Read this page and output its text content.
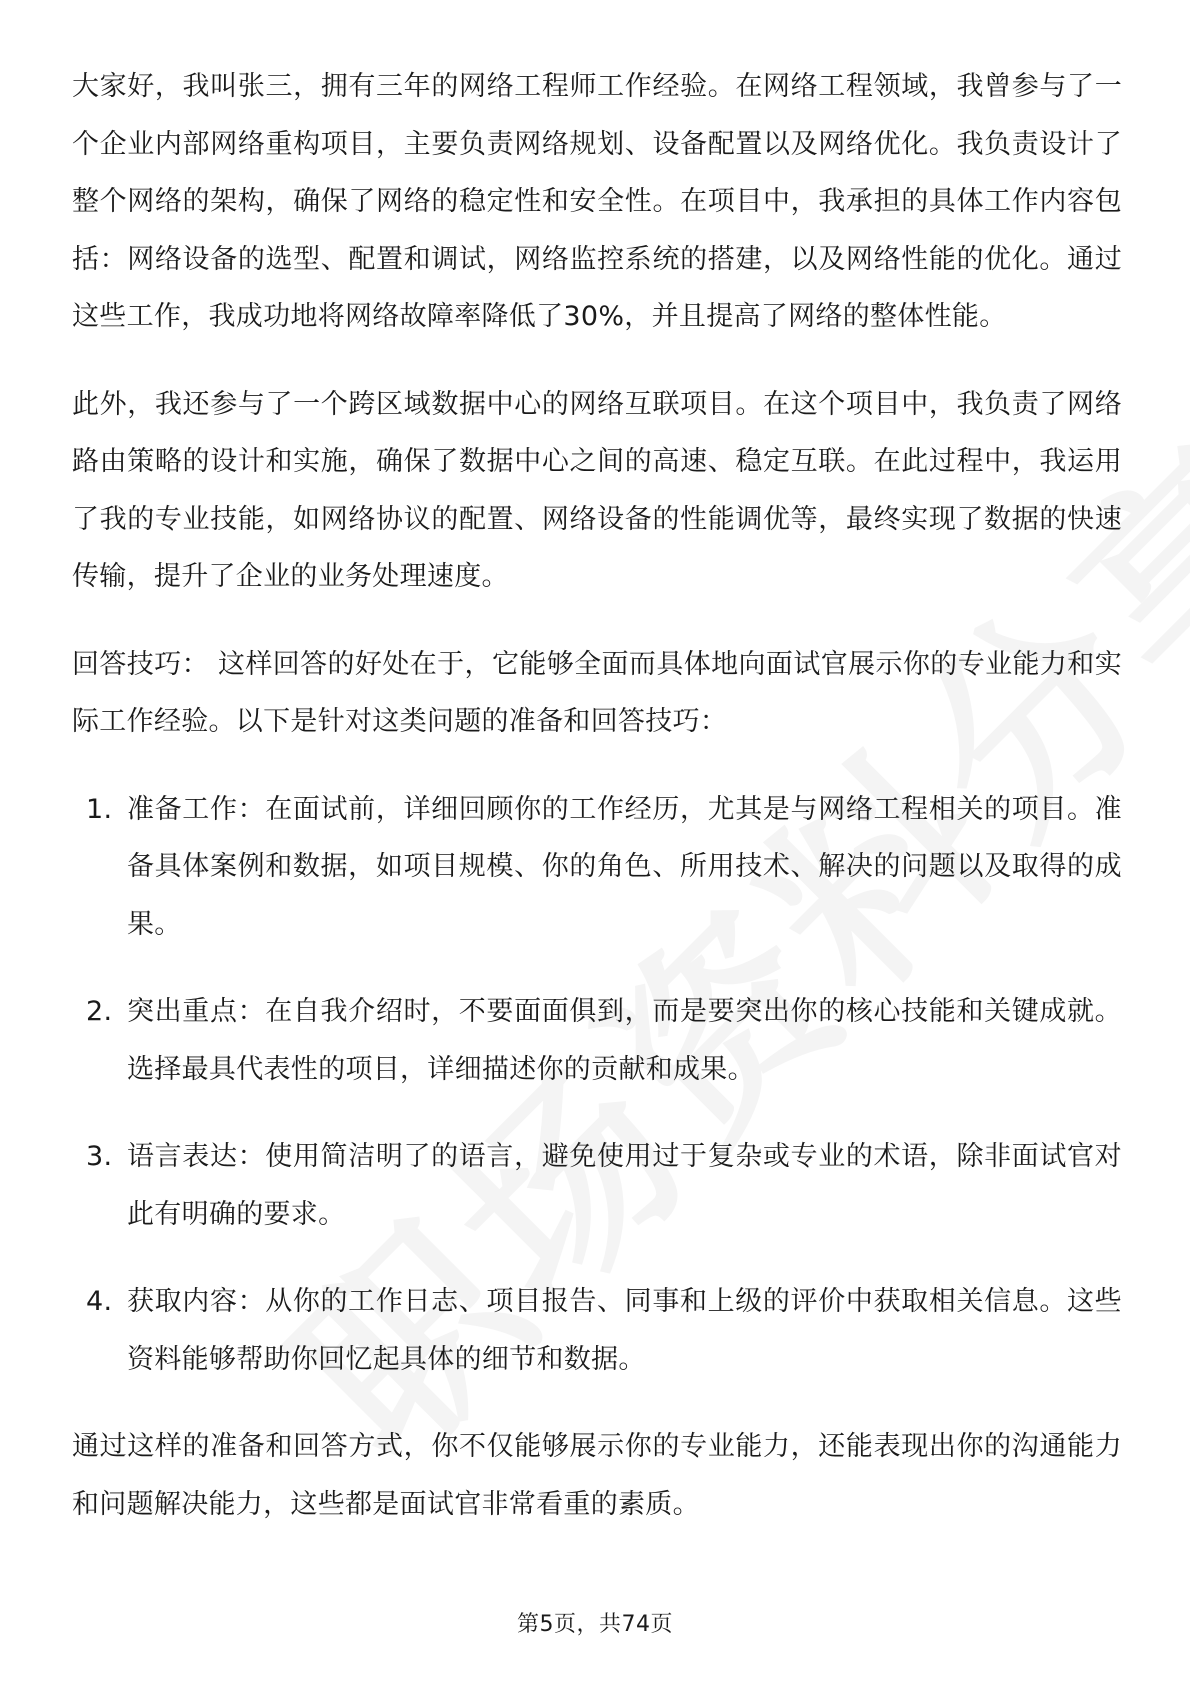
大家好，我叫张三，拥有三年的网络工程师工作经验。在网络工程领域，我曾参与了一个企业内部网络重构项目，主要负责网络规划、设备配置以及网络优化。我负责设计了整个网络的架构，确保了网络的稳定性和安全性。在项目中，我承担的具体工作内容包括：网络设备的选型、配置和调试，网络监控系统的搭建，以及网络性能的优化。通过这些工作，我成功地将网络故障率降低了30%，并且提高了网络的整体性能。

此外，我还参与了一个跨区域数据中心的网络互联项目。在这个项目中，我负责了网络路由策略的设计和实施，确保了数据中心之间的高速、稳定互联。在此过程中，我运用了我的专业技能，如网络协议的配置、网络设备的性能调优等，最终实现了数据的快速传输，提升了企业的业务处理速度。

回答技巧： 这样回答的好处在于，它能够全面而具体地向面试官展示你的专业能力和实际工作经验。以下是针对这类问题的准备和回答技巧：

1. 准备工作：在面试前，详细回顾你的工作经历，尤其是与网络工程相关的项目。准备具体案例和数据，如项目规模、你的角色、所用技术、解决的问题以及取得的成果。
2. 突出重点：在自我介绍时，不要面面俱到，而是要突出你的核心技能和关键成就。选择最具代表性的项目，详细描述你的贡献和成果。
3. 语言表达：使用简洁明了的语言，避免使用过于复杂或专业的术语，除非面试官对此有明确的要求。
4. 获取内容：从你的工作日志、项目报告、同事和上级的评价中获取相关信息。这些资料能够帮助你回忆起具体的细节和数据。

通过这样的准备和回答方式，你不仅能够展示你的专业能力，还能表现出你的沟通能力和问题解决能力，这些都是面试官非常看重的素质。

第5页，共74页
